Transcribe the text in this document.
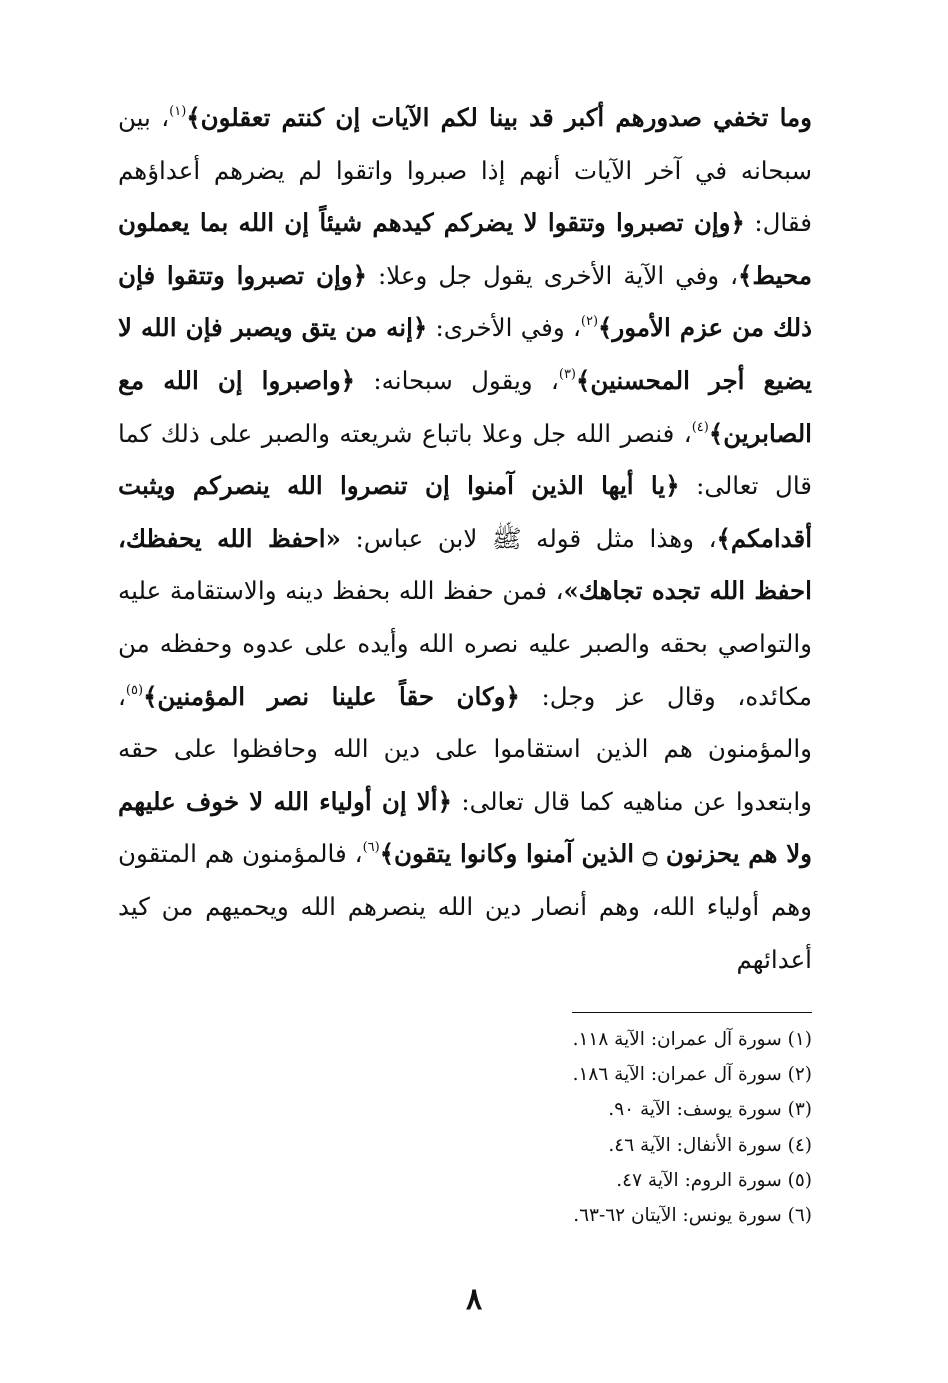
وما تخفي صدورهم أكبر قد بينا لكم الآيات إن كنتم تعقلون﴾$^{(١)}$، بين سبحانه في آخر الآيات أنهم إذا صبروا واتقوا لم يضرهم أعداؤهم فقال: ﴿وإن تصبروا وتتقوا لا يضركم كيدهم شيئاً إن الله بما يعملون محيط﴾، وفي الآية الأخرى يقول جل وعلا: ﴿وإن تصبروا وتتقوا فإن ذلك من عزم الأمور﴾$^{(٢)}$، وفي الأخرى: ﴿إنه من يتق ويصبر فإن الله لا يضيع أجر المحسنين﴾$^{(٣)}$، ويقول سبحانه: ﴿واصبروا إن الله مع الصابرين﴾$^{(٤)}$، فنصر الله جل وعلا باتباع شريعته والصبر على ذلك كما قال تعالى: ﴿يا أيها الذين آمنوا إن تنصروا الله ينصركم ويثبت أقدامكم﴾، وهذا مثل قوله ﷺ لابن عباس: «احفظ الله يحفظك، احفظ الله تجده تجاهك»، فمن حفظ الله بحفظ دينه والاستقامة عليه والتواصي بحقه والصبر عليه نصره الله وأيده على عدوه وحفظه من مكائده، وقال عز وجل: ﴿وكان حقاً علينا نصر المؤمنين﴾$^{(٥)}$، والمؤمنون هم الذين استقاموا على دين الله وحافظوا على حقه وابتعدوا عن مناهيه كما قال تعالى: ﴿ألا إن أولياء الله لا خوف عليهم ولا هم يحزنون ۝ الذين آمنوا وكانوا يتقون﴾$^{(٦)}$، فالمؤمنون هم المتقون وهم أولياء الله، وهم أنصار دين الله ينصرهم الله ويحميهم من كيد أعدائهم

(١) سورة آل عمران: الآية ١١٨.
(٢) سورة آل عمران: الآية ١٨٦.
(٣) سورة يوسف: الآية ٩٠.
(٤) سورة الأنفال: الآية ٤٦.
(٥) سورة الروم: الآية ٤٧.
(٦) سورة يونس: الآيتان ٦٢-٦٣.
٨
